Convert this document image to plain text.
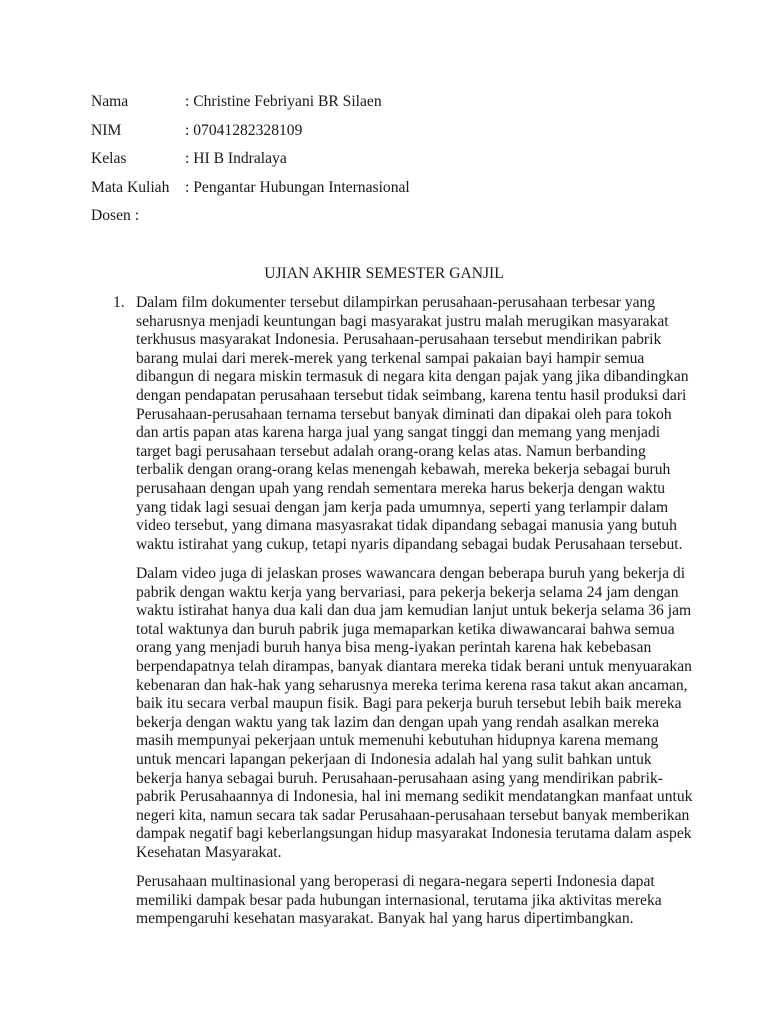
Nama	: Christine Febriyani BR Silaen
NIM	: 07041282328109
Kelas	: HI B Indralaya
Mata Kuliah	: Pengantar Hubungan Internasional
Dosen :
UJIAN AKHIR SEMESTER GANJIL
1. Dalam film dokumenter tersebut dilampirkan perusahaan-perusahaan terbesar yang
seharusnya menjadi keuntungan bagi masyarakat justru malah merugikan masyarakat
terkhusus masyarakat Indonesia. Perusahaan-perusahaan tersebut mendirikan pabrik
barang mulai dari merek-merek yang terkenal sampai pakaian bayi hampir semua
dibangun di negara miskin termasuk di negara kita dengan pajak yang jika dibandingkan
dengan pendapatan perusahaan tersebut tidak seimbang, karena tentu hasil produksi dari
Perusahaan-perusahaan ternama tersebut banyak diminati dan dipakai oleh para tokoh
dan artis papan atas karena harga jual yang sangat tinggi dan memang yang menjadi
target bagi perusahaan tersebut adalah orang-orang kelas atas. Namun berbanding
terbalik dengan orang-orang kelas menengah kebawah, mereka bekerja sebagai buruh
perusahaan dengan upah yang rendah sementara mereka harus bekerja dengan waktu
yang tidak lagi sesuai dengan jam kerja pada umumnya, seperti yang terlampir dalam
video tersebut, yang dimana masyasrakat tidak dipandang sebagai manusia yang butuh
waktu istirahat yang cukup, tetapi nyaris dipandang sebagai budak Perusahaan tersebut.
Dalam video juga di jelaskan proses wawancara dengan beberapa buruh yang bekerja di
pabrik dengan waktu kerja yang bervariasi, para pekerja bekerja selama 24 jam dengan
waktu istirahat hanya dua kali dan dua jam kemudian lanjut untuk bekerja selama 36 jam
total waktunya dan buruh pabrik juga memaparkan ketika diwawancarai bahwa semua
orang yang menjadi buruh hanya bisa meng-iyakan perintah karena hak kebebasan
berpendapatnya telah dirampas, banyak diantara mereka tidak berani untuk menyuarakan
kebenaran dan hak-hak yang seharusnya mereka terima kerena rasa takut akan ancaman,
baik itu secara verbal maupun fisik. Bagi para pekerja buruh tersebut lebih baik mereka
bekerja dengan waktu yang tak lazim dan dengan upah yang rendah asalkan mereka
masih mempunyai pekerjaan untuk memenuhi kebutuhan hidupnya karena memang
untuk mencari lapangan pekerjaan di Indonesia adalah hal yang sulit bahkan untuk
bekerja hanya sebagai buruh. Perusahaan-perusahaan asing yang mendirikan pabrik-
pabrik Perusahaannya di Indonesia, hal ini memang sedikit mendatangkan manfaat untuk
negeri kita, namun secara tak sadar Perusahaan-perusahaan tersebut banyak memberikan
dampak negatif bagi keberlangsungan hidup masyarakat Indonesia terutama dalam aspek
Kesehatan Masyarakat.
Perusahaan multinasional yang beroperasi di negara-negara seperti Indonesia dapat
memiliki dampak besar pada hubungan internasional, terutama jika aktivitas mereka
mempengaruhi kesehatan masyarakat. Banyak hal yang harus dipertimbangkan.
